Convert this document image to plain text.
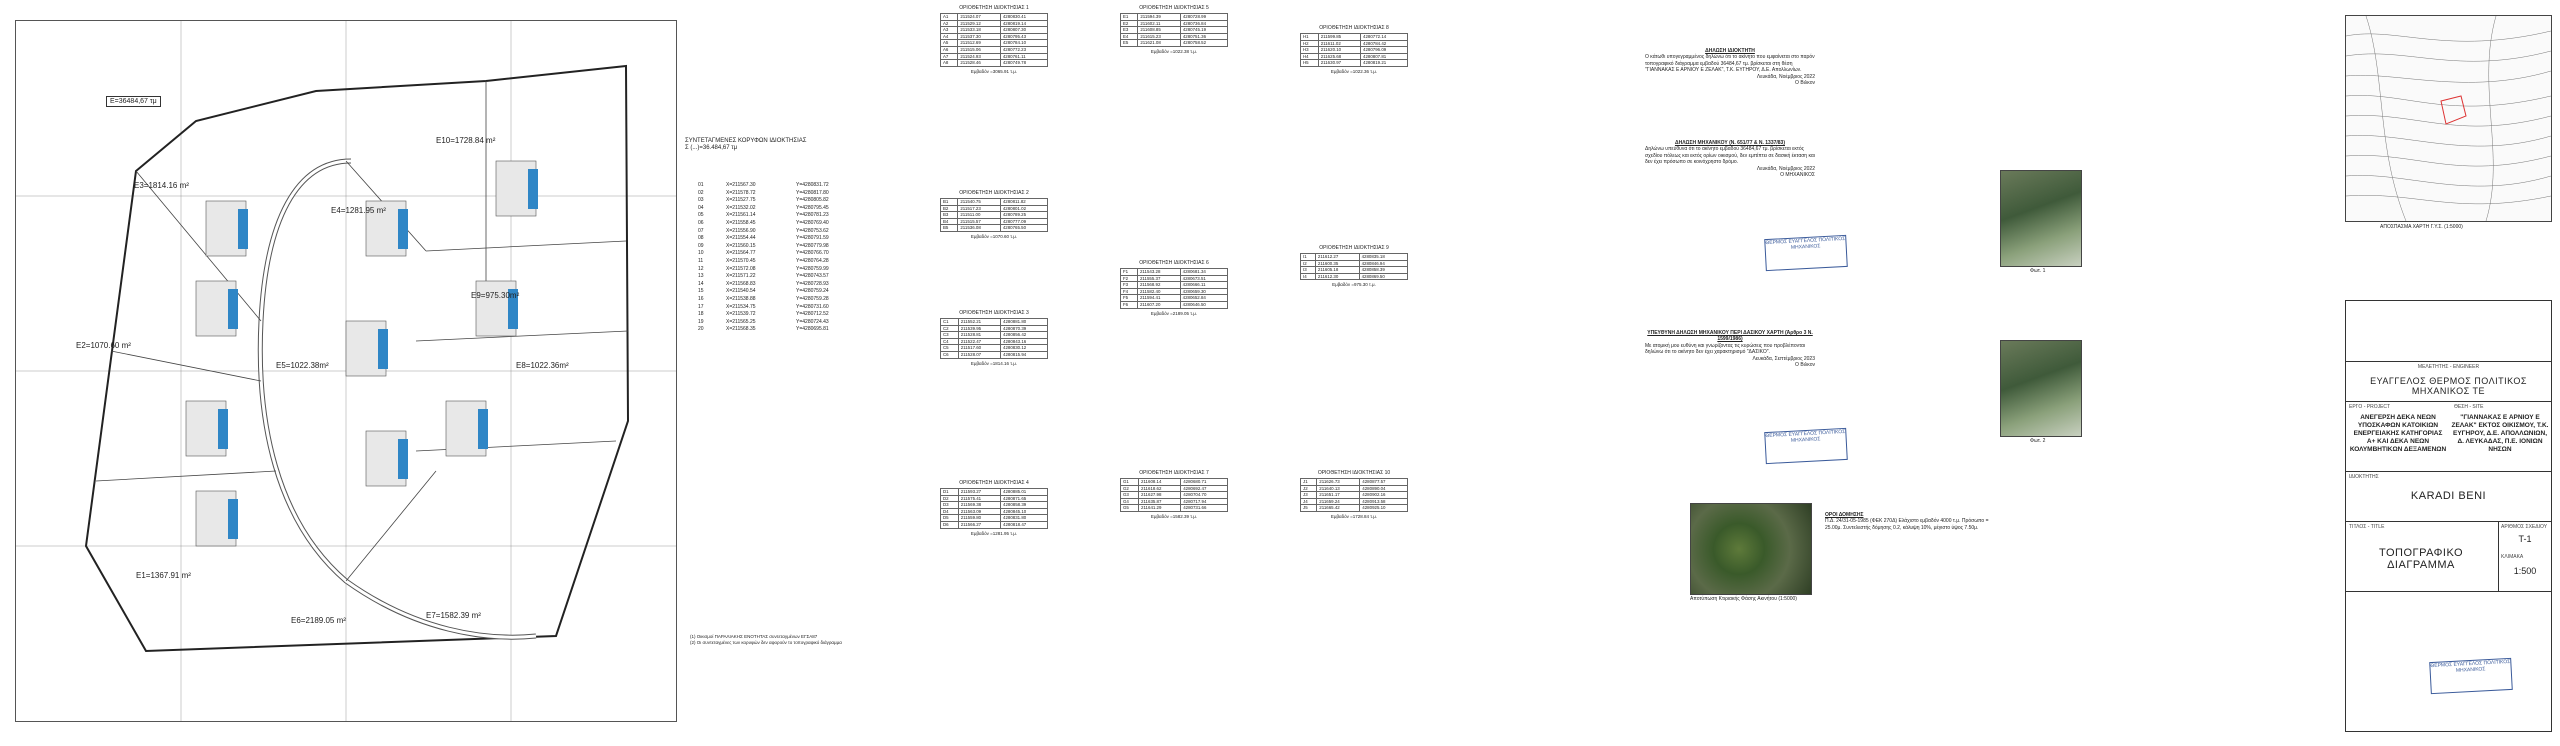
E=36484,67 τμ
E3=1814.16 m²
E4=1281.95 m²
E10=1728.84 m²
E2=1070.60 m²
E9=975.30m²
E5=1022.38m²	E8=1022.36m²
E1=1367.91 m²
E6=2189.05 m²
E7=1582.39 m²
ΣΥΝΤΕΤΑΓΜΕΝΕΣ ΚΟΡΥΦΩΝ ΙΔΙΟΚΤΗΣΙΑΣ
Σ (...)=36.484,67 τμ
01	X=211567.30	Y=4280831.72
02	X=211578.72	Y=4280817.80
03	X=211527.75	Y=4280805.82
04	X=211532.02	Y=4280795.45
05	X=211561.14	Y=4280781.23
06	X=211558.45	Y=4280769.40
07	X=211556.90	Y=4280753.62
08	X=211554.44	Y=4280791.59
09	X=211560.15	Y=4280779.98
10	X=211564.77	Y=4280766.70
11	X=211570.45	Y=4280764.28
12	X=211572.08	Y=4280759.99
13	X=211571.22	Y=4280743.57
14	X=211568.83	Y=4280728.93
15	X=211540.54	Y=4280759.24
16	X=211538.88	Y=4280759.28
17	X=211534.75	Y=4280731.60
18	X=211539.72	Y=4280712.52
19	X=211565.25	Y=4280724.43
20	X=211568.35	Y=4280695.81
(1) Οικισμοί ΠΑΡΑΛΙΑΚΗΣ ΕΝΟΤΗΤΑΣ συντεταγμένων ΕΓΣΑ87
(2) Οι συντεταγμένες των κορυφών δεν αφορούν το τοπογραφικό διάγραμμα
ΟΡΙΟΘΕΤΗΣΗ ΙΔΙΟΚΤΗΣΙΑΣ 1
A1	211524.07	4280830.41
A2	211529.12	4280819.14
A3	211533.18	4280807.30
A4	211537.30	4280795.43
A5	211512.69	4280784.10
A6	211515.06	4280772.23
A7	211524.93	4280761.11
A8	211528.46	4280749.78
Εμβαδόν =3065.91 τ.μ.
ΟΡΙΟΘΕΤΗΣΗ ΙΔΙΟΚΤΗΣΙΑΣ 2
B1	211540.75	4280811.82
B2	211517.23	4280801.02
B3	211511.00	4280789.25
B4	211515.57	4280777.09
B5	211536.08	4280765.50
Εμβαδόν =1070.60 τ.μ.
ΟΡΙΟΘΕΤΗΣΗ ΙΔΙΟΚΤΗΣΙΑΣ 3
C1	211552.21	4280881.80
C2	211539.95	4280870.39
C3	211528.81	4280856.42
C4	211522.47	4280843.16
C5	211517.60	4280830.12
C6	211528.07	4280815.94
Εμβαδόν =1814.16 τ.μ.
ΟΡΙΟΘΕΤΗΣΗ ΙΔΙΟΚΤΗΣΙΑΣ 4
D1	211593.27	4280885.01
D2	211575.41	4280871.65
D3	211569.38	4280858.39
D4	211563.09	4280845.10
D5	211559.80	4280831.80
D6	211566.27	4280818.47
Εμβαδόν =1281.95 τ.μ.
ΟΡΙΟΘΕΤΗΣΗ ΙΔΙΟΚΤΗΣΙΑΣ 5
E1	211594.39	4280728.99
E2	211602.11	4280736.84
E3	211608.85	4280745.19
E4	211615.23	4280751.36
E5	211621.08	4280758.52
Εμβαδόν =1022.38 τ.μ.
ΟΡΙΟΘΕΤΗΣΗ ΙΔΙΟΚΤΗΣΙΑΣ 6
F1	211543.28	4280681.34
F2	211555.37	4280673.51
F3	211568.92	4280666.11
F4	211582.40	4280659.30
F5	211594.41	4280652.84
F6	211607.20	4280646.50
Εμβαδόν =2189.05 τ.μ.
ΟΡΙΟΘΕΤΗΣΗ ΙΔΙΟΚΤΗΣΙΑΣ 7
G1	211608.14	4280680.71
G2	211618.62	4280692.47
G3	211627.98	4280704.70
G4	211635.87	4280717.94
G5	211641.29	4280731.66
Εμβαδόν =1582.39 τ.μ.
ΟΡΙΟΘΕΤΗΣΗ ΙΔΙΟΚΤΗΣΙΑΣ 8
H1	211599.85	4280772.14
H2	211611.02	4280784.42
H3	211620.10	4280796.09
H4	211625.68	4280807.81
H5	211630.97	4280819.21
Εμβαδόν =1022.36 τ.μ.
ΟΡΙΟΘΕΤΗΣΗ ΙΔΙΟΚΤΗΣΙΑΣ 9
I1	211612.27	4280835.18
I2	211600.35	4280846.94
I3	211605.18	4280858.39
I4	211612.30	4280869.50
Εμβαδόν =975.30 τ.μ.
ΟΡΙΟΘΕΤΗΣΗ ΙΔΙΟΚΤΗΣΙΑΣ 10
J1	211626.73	4280877.57
J2	211640.13	4280890.04
J3	211651.17	4280902.16
J4	211659.24	4280913.58
J5	211665.42	4280925.10
Εμβαδόν =1728.84 τ.μ.
ΔΗΛΩΣΗ ΙΔΙΟΚΤΗΤΗ
Ο κάτωθι υπογεγραμμένος δηλώνω ότι το ακίνητο που εμφαίνεται στο παρόν τοπογραφικό διάγραμμα εμβαδού 36484,67 τμ. βρίσκεται στη θέση "ΓΙΑΝΝΑΚΑΣ Ε ΑΡΝΙΟΥ Ε ΖΕΛΑΚ", Τ.Κ. ΕΥΓΗΡΟΥ, Δ.Ε. Απολλωνίων.
Λευκάδα, Νοέμβριος 2022
Ο Βιλκον
ΔΗΛΩΣΗ ΜΗΧΑΝΙΚΟΥ (Ν. 651/77 & Ν. 1337/83)
Δηλώνω υπεύθυνα ότι το ακίνητο εμβαδού 36484,67 τμ. βρίσκεται εκτός σχεδίου πόλεως και εκτός ορίων οικισμού, δεν εμπίπτει σε δασική έκταση και δεν έχει πρόσωπο σε κοινόχρηστο δρόμο.
Λευκάδα, Νοέμβριος 2022
Ο ΜΗΧΑΝΙΚΟΣ
ΘΕΡΜΟΣ ΕΥΑΓΓΕΛΟΣ ΠΟΛΙΤΙΚΟΣ ΜΗΧΑΝΙΚΟΣ
ΥΠΕΥΘΥΝΗ ΔΗΛΩΣΗ ΜΗΧΑΝΙΚΟΥ ΠΕΡΙ ΔΑΣΙΚΟΥ ΧΑΡΤΗ (Άρθρο 3 Ν. 1599/1986)
Με ατομική μου ευθύνη και γνωρίζοντας τις κυρώσεις που προβλέπονται δηλώνω ότι το ακίνητο δεν έχει χαρακτηρισμό "ΔΑΣΙΚΟ".
Λευκάδα, Σεπτέμβριος 2023
Ο Βιλκον
ΘΕΡΜΟΣ ΕΥΑΓΓΕΛΟΣ ΠΟΛΙΤΙΚΟΣ ΜΗΧΑΝΙΚΟΣ
Αποτύπωση Κτιριακής Φάσης Ακινήτου (1:5000)
ΟΡΟΙ ΔΟΜΗΣΗΣ
Π.Δ. 24/31-05-1985 (ΦΕΚ 270Δ) Ελάχιστο εμβαδόν 4000 τ.μ. Πρόσωπο = 25.00μ. Συντελεστής δόμησης 0.2, κάλυψη 10%, μέγιστο ύψος 7.50μ.
Φωτ. 1
Φωτ. 2
ΑΠΟΣΠΑΣΜΑ ΧΑΡΤΗ Γ.Υ.Σ. (1:5000)
ΜΕΛΕΤΗΤΗΣ - ENGINEER
ΕΥΑΓΓΕΛΟΣ ΘΕΡΜΟΣ ΠΟΛΙΤΙΚΟΣ ΜΗΧΑΝΙΚΟΣ ΤΕ
ΕΡΓΟ - PROJECT
ΑΝΕΓΕΡΣΗ ΔΕΚΑ ΝΕΩΝ ΥΠΟΣΚΑΦΩΝ ΚΑΤΟΙΚΙΩΝ ΕΝΕΡΓΕΙΑΚΗΣ ΚΑΤΗΓΟΡΙΑΣ Α+ ΚΑΙ ΔΕΚΑ ΝΕΩΝ ΚΟΛΥΜΒΗΤΙΚΩΝ ΔΕΞΑΜΕΝΩΝ
ΘΕΣΗ - SITE
"ΓΙΑΝΝΑΚΑΣ Ε ΑΡΝΙΟΥ Ε ΖΕΛΑΚ" ΕΚΤΟΣ ΟΙΚΙΣΜΟΥ, Τ.Κ. ΕΥΓΗΡΟΥ, Δ.Ε. ΑΠΟΛΛΩΝΙΩΝ, Δ. ΛΕΥΚΑΔΑΣ, Π.Ε. ΙΟΝΙΩΝ ΝΗΣΩΝ
ΙΔΙΟΚΤΗΤΗΣ
KARADI BENI
ΤΙΤΛΟΣ - TITLE
ΤΟΠΟΓΡΑΦΙΚΟ ΔΙΑΓΡΑΜΜΑ
ΑΡΙΘΜΟΣ ΣΧΕΔΙΟΥ
T-1
ΚΛΙΜΑΚΑ
1:500
ΘΕΡΜΟΣ ΕΥΑΓΓΕΛΟΣ ΠΟΛΙΤΙΚΟΣ ΜΗΧΑΝΙΚΟΣ
